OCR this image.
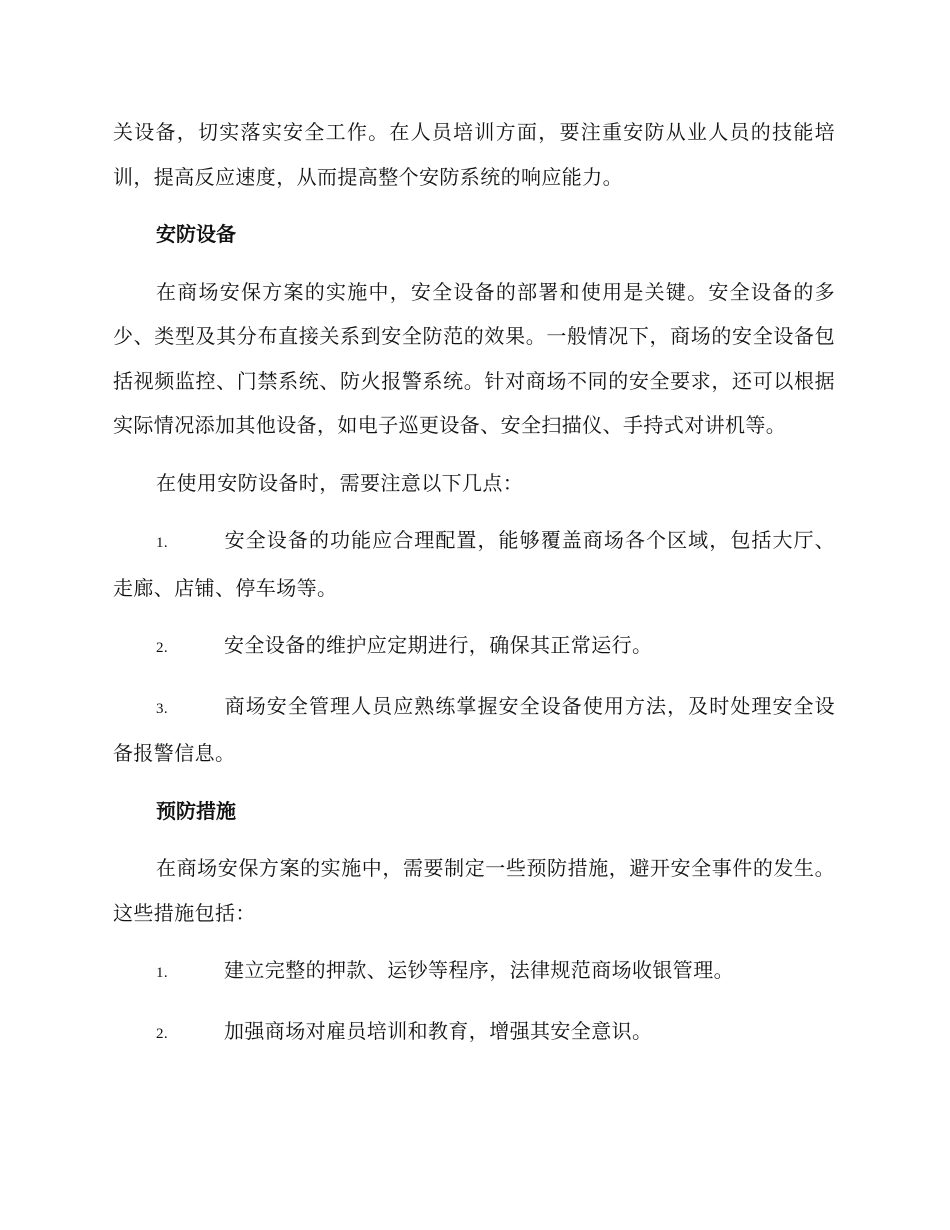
关设备，切实落实安全工作。在人员培训方面，要注重安防从业人员的技能培训，提高反应速度，从而提高整个安防系统的响应能力。

安防设备

在商场安保方案的实施中，安全设备的部署和使用是关键。安全设备的多少、类型及其分布直接关系到安全防范的效果。一般情况下，商场的安全设备包括视频监控、门禁系统、防火报警系统。针对商场不同的安全要求，还可以根据实际情况添加其他设备，如电子巡更设备、安全扫描仪、手持式对讲机等。

在使用安防设备时，需要注意以下几点：

1.	安全设备的功能应合理配置，能够覆盖商场各个区域，包括大厅、走廊、店铺、停车场等。

2.	安全设备的维护应定期进行，确保其正常运行。

3.	商场安全管理人员应熟练掌握安全设备使用方法，及时处理安全设备报警信息。

预防措施

在商场安保方案的实施中，需要制定一些预防措施，避开安全事件的发生。这些措施包括：

1.	建立完整的押款、运钞等程序，法律规范商场收银管理。

2.	加强商场对雇员培训和教育，增强其安全意识。
